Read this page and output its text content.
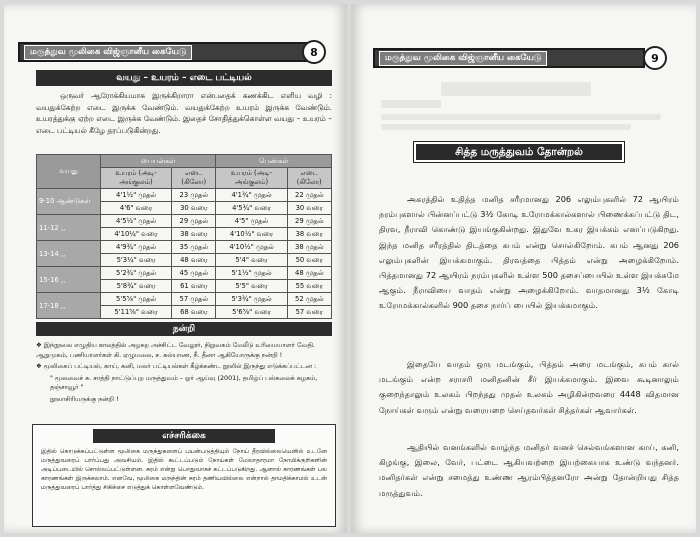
மருத்துவ மூலிகை விஜ்ஞானீய கையேடு	8
வயது – உயரம் – எடை பட்டியல்
ஒருவர் ஆரோக்கியமாக இருக்கிறாரா என்பதைக் கணக்கிட எளிய வழி : வயதுக்கேற்ற எடை இருக்க வேண்டும். வயதுக்கேற்ற உயரம் இருக்க வேண்டும். உயரத்துக்கு ஏற்ற எடை இருக்க வேண்டும். இதைச் சோதித்துக்கொள்ள வயது – உயரம் – எடை பட்டியல் கீழே தரப்படுகின்றது.
வயது	பையன்கள்		பெண்கள்	
	உயரம் (அடி- அங்குலம்)	எடை (கிலோ)	உயரம் (அடி- அங்குலம்)	எடை (கிலோ)
9-10 ஆண்டுகள்	4'1½" முதல்	23 முதல்	4'1¾" முதல்	22 முதல்
	4'6" வரை	30 வரை	4'5¾" வரை	30 வரை
11-12 ,,	4'5½" முதல்	29 முதல்	4'5" முதல்	29 முதல்
	4'10¼" வரை	38 வரை	4'10½" வரை	38 வரை
13-14 ,,	4'9¾" முதல்	35 முதல்	4'10½" முதல்	38 முதல்
	5'3¼" வரை	48 வரை	5'4" வரை	50 வரை
15-16 ,,	5'2¾" முதல்	45 முதல்	5'1½" முதல்	48 முதல்
	5'8¾" வரை	61 வரை	5'5" வரை	55 வரை
17-18 ,,	5'5⅝" முதல்	57 முதல்	5'3¾" முதல்	52 முதல்
	5'11⅝" வரை	68 வரை	5'6⅝" வரை	57 வரை
நன்றி

❖ இந்நூலை எழுதிய காலத்தில் அழகற அச்சிட்ட வேலூர், நிறுவகம் மேலீடு உரிமையாளர் வேதி. ஆறுமுகம், பணியாளர்கள் கி. ஏழுமலை, ச. கல்யாண, நீ. தீனா ஆகியோருக்கு நன்றி !

❖ மூலிகைப் பட்டியல், காய், கனி, மலர் பட்டியல்கள் கீழ்க்கண்ட நூலில் இருந்து எடுக்கப்பட்டன :

" மூலவைச் சு. சாத்தி நாட்டுப்புற மருத்துவம் – ஓர் ஆய்வு (2001), தமிழ்ப் பல்கலைக் கழகம், தஞ்சாவூர் "

நூலாசிரியருக்கு நன்றி !

எச்சரிக்கை
இதில் கொடுக்கப்பட்டுள்ள மூலிகை மருந்துகளைப் பயன்படுத்தியும் நோய் தீரவில்லையெனில் உடனே மருத்துவரைப் பார்ப்பது அவசியம். இதில் கூட்டப்படும் நோய்கள் மேலாதாரமா நோயிக்குறிகளின் அடிப்படையில் சொல்லப்பட்டுள்ளன. சுரம் என்று பொதுவாகச் சுட்டப்படுகிறது. ஆனால் காரணங்கள் பல காரணங்கள் இருக்கலாம். எனவே, மூலிகை மருந்தின் சுரம் தணியவில்லை என்றால் தாமதிக்காமல் உடன் மருத்துவரைப் பார்த்து சிகிச்சை எடுத்துக் கொள்ளவேண்டும்.
மருத்துவ மூலிகை விஜ்ஞானீய கையேடு	9
சித்த மருத்துவம் தோன்றல்
அகரத்தில் உதித்த மனித சரீரமானது 206 எலும்புகளில் 72 ஆயிரம் நரம்புகளால் பின்னப்பட்டு 3½ கோடி உரோமக்கால்களால் பிணைக்கப்பட்டு திட, திரவ, நீராவி கொண்டு இயங்குகின்றது. இதுவே உகர இயக்கம் எனப்படுகிறது. இந்த மனித சரீரத்தில் திடத்தை கபம் என்று சொல்கிறோம். கபம் ஆனது 206 எலும்புகளின் இயக்கமாகும். திரவத்தை பித்தம் என்று அழைக்கிறோம். பித்தமானது 72 ஆயிரம் நரம்புகளில் உள்ள 500 தசைப்பையில் உள்ள இயக்கமே ஆகும். நீராவியை வாதம் என்று அழைக்கிறோம். வாதமானது 3½ கோடி உரோமக்கால்களில் 900 தசை நார்ப் பையில் இயக்கமாகும்.
இதையே வாதம் ஒரு மடங்கும், பித்தம் அரை மடங்கும், கபம் கால் மடங்கும் என்ற சராசரி மனிதனின் சீர் இயக்கமாகும். இவை கூடினாலும் குறைந்தாலும் உலகம் பிறந்தது முதல் உலகம் அழிகின்றவரை 4448 விதமான நோய்கள் வரும் என்று வரையறை செய்தவர்கள் சித்தர்கள் ஆவார்கள்.
ஆதியில் வனங்களில் வாழ்ந்த மனிதர் வனச் செல்வங்களான காய், கனி, கிழங்கு, இலை, வேர், பட்டை ஆகியவற்றை இயற்கையாக உண்டு வந்தனர். மனிதர்கள் என்று சமைத்து உண்ண ஆரம்பித்தனரோ அன்று தோன்றியது சித்த மருத்துவம்.
